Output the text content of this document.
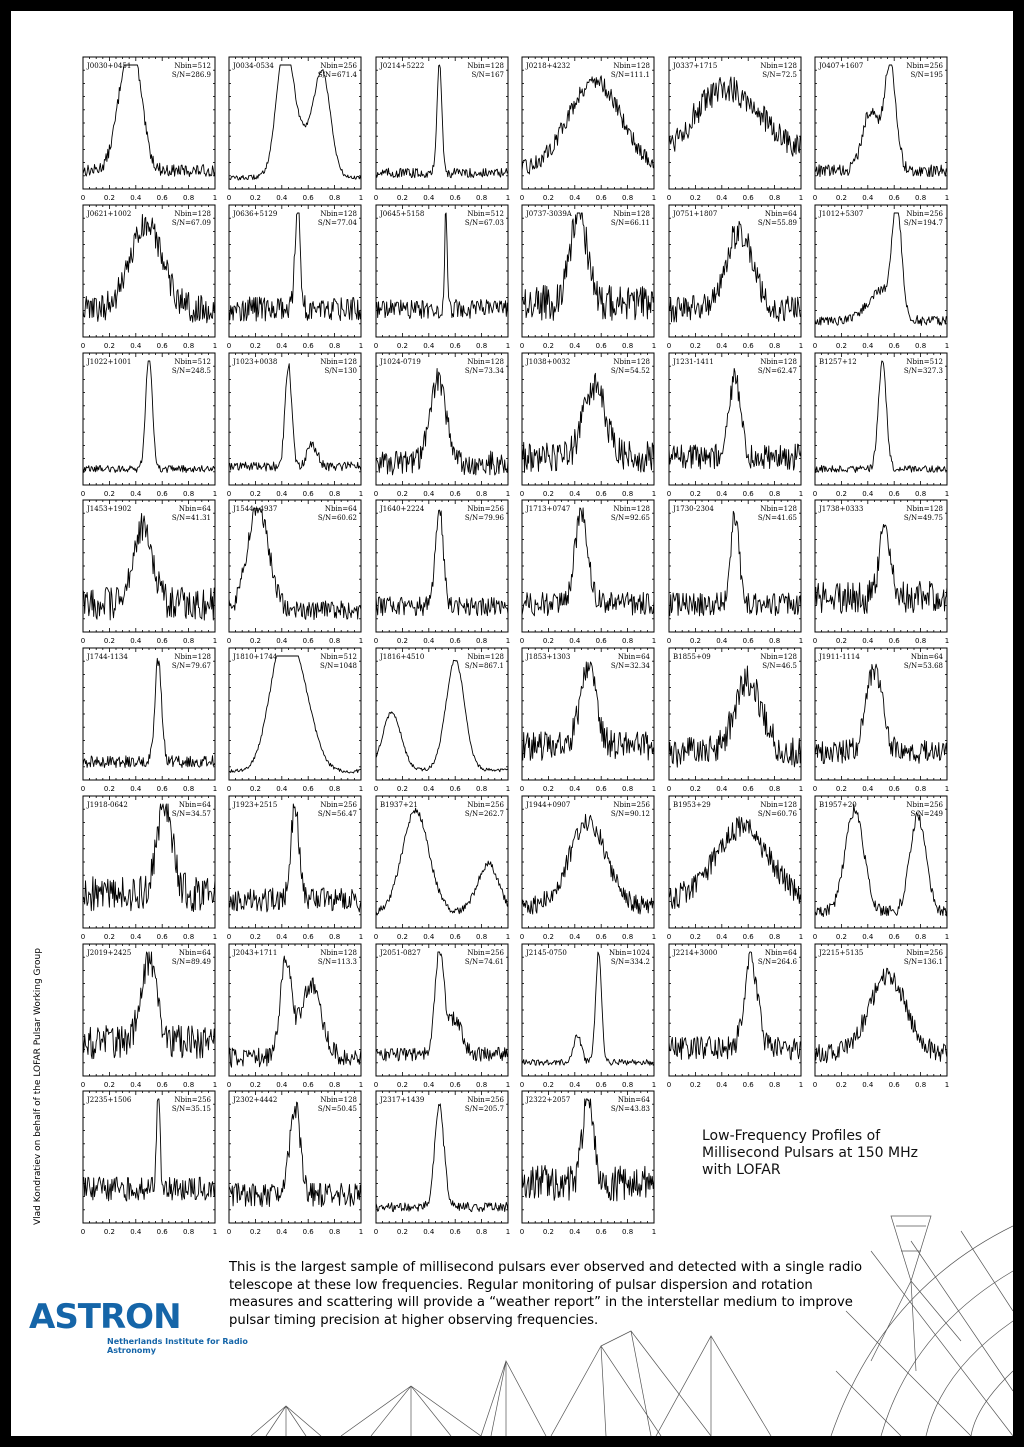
0	0.2 0.4 0.6 0.8	1
J0030+0451	Nbin=512
S/N=286.9
0	0.2 0.4 0.6 0.8	1
J0034-0534	Nbin=256
S/N=671.4
0	0.2 0.4 0.6 0.8	1
J0214+5222	Nbin=128
S/N=167
0	0.2 0.4 0.6 0.8	1
J0218+4232	Nbin=128
S/N=111.1
0	0.2 0.4 0.6 0.8	1
J0337+1715	Nbin=128
S/N=72.5
0	0.2 0.4 0.6 0.8	1
J0407+1607	Nbin=256
S/N=195
0	0.2 0.4 0.6 0.8	1
J0621+1002	Nbin=128
S/N=67.09
0	0.2 0.4 0.6 0.8	1
J0636+5129	Nbin=128
S/N=77.04
0	0.2 0.4 0.6 0.8	1
J0645+5158	Nbin=512
S/N=67.03
0	0.2 0.4 0.6 0.8	1
J0737-3039A	Nbin=128
S/N=66.11
0	0.2 0.4 0.6 0.8	1
J0751+1807	Nbin=64
S/N=55.89
0	0.2 0.4 0.6 0.8	1
J1012+5307	Nbin=256
S/N=194.7
0	0.2 0.4 0.6 0.8	1
J1022+1001	Nbin=512
S/N=248.5
0	0.2 0.4 0.6 0.8	1
J1023+0038	Nbin=128
S/N=130
0	0.2 0.4 0.6 0.8	1
J1024-0719	Nbin=128
S/N=73.34
0	0.2 0.4 0.6 0.8	1
J1038+0032	Nbin=128
S/N=54.52
0	0.2 0.4 0.6 0.8	1
J1231-1411	Nbin=128
S/N=62.47
0	0.2 0.4 0.6 0.8	1
B1257+12	Nbin=512
S/N=327.3
0	0.2 0.4 0.6 0.8	1
J1453+1902	Nbin=64
S/N=41.31
0	0.2 0.4 0.6 0.8	1
J1544+4937	Nbin=64
S/N=60.62
0	0.2 0.4 0.6 0.8	1
J1640+2224	Nbin=256
S/N=79.96
0	0.2 0.4 0.6 0.8	1
J1713+0747	Nbin=128
S/N=92.65
0	0.2 0.4 0.6 0.8	1
J1730-2304	Nbin=128
S/N=41.65
0	0.2 0.4 0.6 0.8	1
J1738+0333	Nbin=128
S/N=49.75
0	0.2 0.4 0.6 0.8	1
J1744-1134	Nbin=128
S/N=79.67
0	0.2 0.4 0.6 0.8	1
J1810+1744	Nbin=512
S/N=1048
0	0.2 0.4 0.6 0.8	1
J1816+4510	Nbin=128
S/N=867.1
0	0.2 0.4 0.6 0.8	1
J1853+1303	Nbin=64
S/N=32.34
0	0.2 0.4 0.6 0.8	1
B1855+09	Nbin=128
S/N=46.5
0	0.2 0.4 0.6 0.8	1
J1911-1114	Nbin=64
S/N=53.68
0	0.2 0.4 0.6 0.8	1
J1918-0642	Nbin=64
S/N=34.57
0	0.2 0.4 0.6 0.8	1
J1923+2515	Nbin=256
S/N=56.47
0	0.2 0.4 0.6 0.8	1
B1937+21	Nbin=256
S/N=262.7
0	0.2 0.4 0.6 0.8	1
J1944+0907	Nbin=256
S/N=90.12
0	0.2 0.4 0.6 0.8	1
B1953+29	Nbin=128
S/N=60.76
0	0.2 0.4 0.6 0.8	1
B1957+20	Nbin=256
S/N=249
0	0.2 0.4 0.6 0.8	1
J2019+2425	Nbin=64
S/N=89.49
0	0.2 0.4 0.6 0.8	1
J2043+1711	Nbin=128
S/N=113.3
0	0.2 0.4 0.6 0.8	1
J2051-0827	Nbin=256
S/N=74.61
0	0.2 0.4 0.6 0.8	1
J2145-0750	Nbin=1024
S/N=334.2
0	0.2 0.4 0.6 0.8	1
J2214+3000	Nbin=64
S/N=264.6
0	0.2 0.4 0.6 0.8	1
J2215+5135	Nbin=256
S/N=136.1
0	0.2 0.4 0.6 0.8	1
J2235+1506	Nbin=256
S/N=35.15
0	0.2 0.4 0.6 0.8	1
J2302+4442	Nbin=128
S/N=50.45
0	0.2 0.4 0.6 0.8	1
J2317+1439	Nbin=256
S/N=205.7
0	0.2 0.4 0.6 0.8	1
J2322+2057	Nbin=64
S/N=43.83
Vlad Kondratiev on behalf of the LOFAR Pulsar Working Group	Low-Frequency Profiles of Millisecond Pulsars at 150 MHz with LOFAR
This is the largest sample of millisecond pulsars ever observed and detected with a single radio telescope at these low frequencies. Regular monitoring of pulsar dispersion and rotation measures and scattering will provide a “weather report” in the interstellar medium to improve pulsar timing precision at higher observing frequencies.
ASTRON
Netherlands Institute for Radio Astronomy
